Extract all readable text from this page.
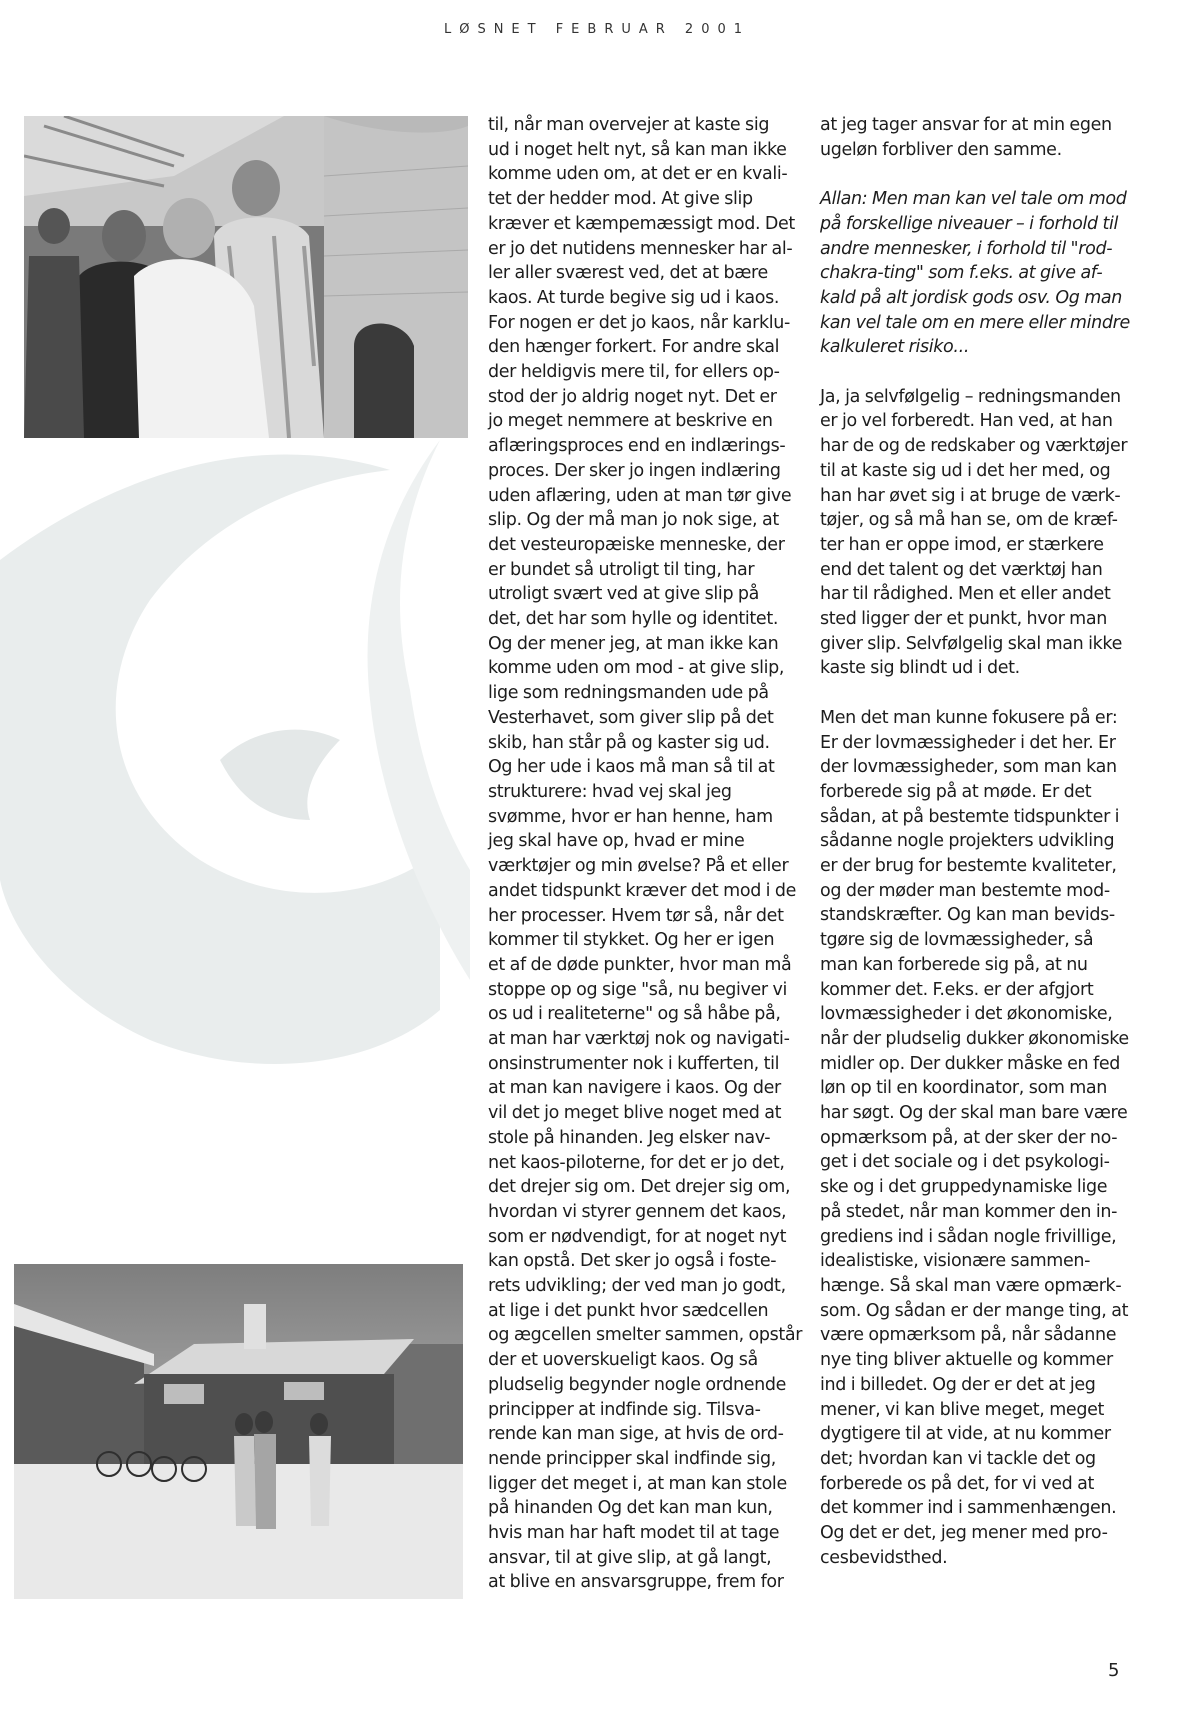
LØSNET FEBRUAR 2001
til, når man overvejer at kaste sig
ud i noget helt nyt, så kan man ikke
komme uden om, at det er en kvali-
tet der hedder mod. At give slip
kræver et kæmpemæssigt mod. Det
er jo det nutidens mennesker har al-
ler aller sværest ved, det at bære
kaos. At turde begive sig ud i kaos.
For nogen er det jo kaos, når karklu-
den hænger forkert. For andre skal
der heldigvis mere til, for ellers op-
stod der jo aldrig noget nyt. Det er
jo meget nemmere at beskrive en
aflæringsproces end en indlærings-
proces. Der sker jo ingen indlæring
uden aflæring, uden at man tør give
slip. Og der må man jo nok sige, at
det vesteuropæiske menneske, der
er bundet så utroligt til ting, har
utroligt svært ved at give slip på
det, det har som hylle og identitet.
Og der mener jeg, at man ikke kan
komme uden om mod - at give slip,
lige som redningsmanden ude på
Vesterhavet, som giver slip på det
skib, han står på og kaster sig ud.
Og her ude i kaos må man så til at
strukturere: hvad vej skal jeg
svømme, hvor er han henne, ham
jeg skal have op, hvad er mine
værktøjer og min øvelse? På et eller
andet tidspunkt kræver det mod i de
her processer. Hvem tør så, når det
kommer til stykket. Og her er igen
et af de døde punkter, hvor man må
stoppe op og sige "så, nu begiver vi
os ud i realiteterne" og så håbe på,
at man har værktøj nok og navigati-
onsinstrumenter nok i kufferten, til
at man kan navigere i kaos. Og der
vil det jo meget blive noget med at
stole på hinanden. Jeg elsker nav-
net kaos-piloterne, for det er jo det,
det drejer sig om. Det drejer sig om,
hvordan vi styrer gennem det kaos,
som er nødvendigt, for at noget nyt
kan opstå. Det sker jo også i foste-
rets udvikling; der ved man jo godt,
at lige i det punkt hvor sædcellen
og ægcellen smelter sammen, opstår
der et uoverskueligt kaos. Og så
pludselig begynder nogle ordnende
principper at indfinde sig. Tilsva-
rende kan man sige, at hvis de ord-
nende principper skal indfinde sig,
ligger det meget i, at man kan stole
på hinanden Og det kan man kun,
hvis man har haft modet til at tage
ansvar, til at give slip, at gå langt,
at blive en ansvarsgruppe, frem for
at jeg tager ansvar for at min egen
ugeløn forbliver den samme.
Allan: Men man kan vel tale om mod
på forskellige niveauer – i forhold til
andre mennesker, i forhold til "rod-
chakra-ting" som f.eks. at give af-
kald på alt jordisk gods osv. Og man
kan vel tale om en mere eller mindre
kalkuleret risiko...
Ja, ja selvfølgelig – redningsmanden
er jo vel forberedt. Han ved, at han
har de og de redskaber og værktøjer
til at kaste sig ud i det her med, og
han har øvet sig i at bruge de værk-
tøjer, og så må han se, om de kræf-
ter han er oppe imod, er stærkere
end det talent og det værktøj han
har til rådighed. Men et eller andet
sted ligger der et punkt, hvor man
giver slip. Selvfølgelig skal man ikke
kaste sig blindt ud i det.
Men det man kunne fokusere på er:
Er der lovmæssigheder i det her. Er
der lovmæssigheder, som man kan
forberede sig på at møde. Er det
sådan, at på bestemte tidspunkter i
sådanne nogle projekters udvikling
er der brug for bestemte kvaliteter,
og der møder man bestemte mod-
standskræfter. Og kan man bevids-
tgøre sig de lovmæssigheder, så
man kan forberede sig på, at nu
kommer det. F.eks. er der afgjort
lovmæssigheder i det økonomiske,
når der pludselig dukker økonomiske
midler op. Der dukker måske en fed
løn op til en koordinator, som man
har søgt. Og der skal man bare være
opmærksom på, at der sker der no-
get i det sociale og i det psykologi-
ske og i det gruppedynamiske lige
på stedet, når man kommer den in-
grediens ind i sådan nogle frivillige,
idealistiske, visionære sammen-
hænge. Så skal man være opmærk-
som. Og sådan er der mange ting, at
være opmærksom på, når sådanne
nye ting bliver aktuelle og kommer
ind i billedet. Og der er det at jeg
mener, vi kan blive meget, meget
dygtigere til at vide, at nu kommer
det; hvordan kan vi tackle det og
forberede os på det, for vi ved at
det kommer ind i sammenhængen.
Og det er det, jeg mener med pro-
cesbevidsthed.
5
